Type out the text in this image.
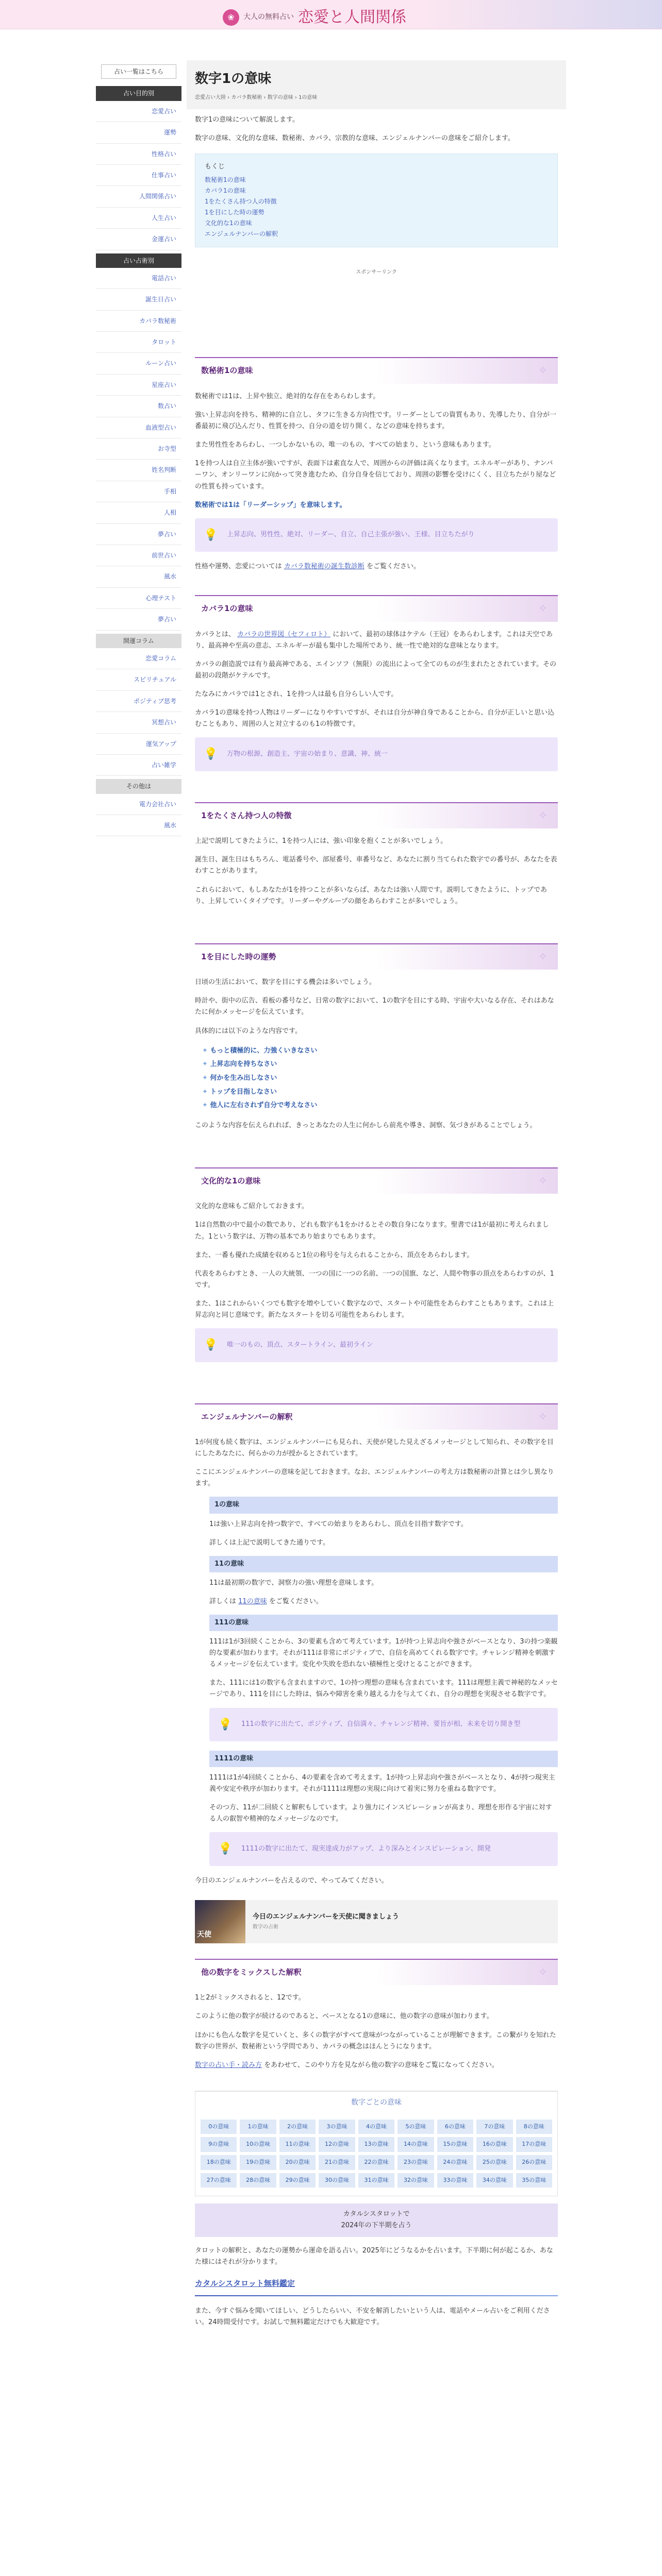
❀	大人の無料占い 恋愛と人間関係
占い一覧はこちら
占い目的別
恋愛占い
運勢
性格占い
仕事占い
人間関係占い
人生占い
金運占い
占い占術別
電話占い
誕生日占い
カバラ数秘術
タロット
ルーン占い
星座占い
数占い
血液型占い
お寺型
姓名判断
手相
人相
夢占い
前世占い
風水
心理テスト
夢占い
開運コラム
恋愛コラム
スピリチュアル
ポジティブ思考
冥想占い
運気アップ
占い雑学
その他は
電力会社占い
風水
数字1の意味
恋愛占い大陸 › カバラ数秘術 › 数字の意味 › 1の意味

数字1の意味について解説します。

数字の意味、文化的な意味、数秘術、カバラ、宗教的な意味、エンジェルナンバーの意味をご紹介します。

もくじ
数秘術1の意味
カバラ1の意味
1をたくさん持つ人の特徴
1を目にした時の運勢
文化的な1の意味
エンジェルナンバーの解釈
スポンサーリンク
数秘術1の意味	✧

数秘術では1は、上昇や独立、絶対的な存在をあらわします。

強い上昇志向を持ち、精神的に自立し、タフに生きる方向性です。リーダーとしての資質もあり、先導したり、自分が一番最初に飛び込んだり、性質を持つ、自分の道を切り開く、などの意味を持ちます。

また男性性をあらわし、一つしかないもの、唯一のもの、すべての始まり、という意味もあります。

1を持つ人は自立主体が強いですが、表面下は素直な人で、周囲からの評価は高くなります。エネルギーがあり、ナンバーワン、オンリーワンに向かって突き進むため、自分自身を信じており、周囲の影響を受けにくく、目立ちたがり屋などの性質も持っています。

数秘術では1は「リーダーシップ」を意味します。

💡 上昇志向、男性性、絶対、リーダー、自立、自己主張が強い、王様、目立ちたがり

性格や運勢、恋愛については カバラ数秘術の誕生数診断 をご覧ください。

カバラ1の意味	✧

カバラとは、 カバラの世界図（セフィロト） において、最初の球体はケテル（王冠）をあらわします。これは天空であり、最高神や至高の意志、エネルギーが最も集中した場所であり、統一性で絶対的な意味となります。

カバラの創造説では有り最高神である、エインソフ（無限）の流出によって全てのものが生まれたとされています。その最初の段階がケテルです。

たなみにカバラでは1とされ、1を持つ人は最も自分らしい人です。

カバラ1の意味を持つ人物はリーダーになりやすいですが、それは自分が神自身であることから、自分が正しいと思い込むこともあり、周囲の人と対立するのも1の特徴です。

💡 万物の根源、創造主、宇宙の始まり、意識、神、統一
1をたくさん持つ人の特徴	✧

上記で説明してきたように、1を持つ人には、強い印象を抱くことが多いでしょう。

誕生日、誕生日はもちろん、電話番号や、部屋番号、車番号など、あなたに割り当てられた数字での番号が、あなたを表わすことがあります。

これらにおいて、もしあなたが1を持つことが多いならば、あなたは強い人間です。説明してきたように、トップであり、上昇していくタイプです。リーダーやグループの顔をあらわすことが多いでしょう。

1を目にした時の運勢	✧

日頃の生活において、数字を目にする機会は多いでしょう。

時計や、街中の広告、看板の番号など、日常の数字において、1の数字を目にする時、宇宙や大いなる存在、それはあなたに何かメッセージを伝えています。

具体的には以下のような内容です。

✦ もっと積極的に、力強くいきなさい
✦ 上昇志向を持ちなさい
✦ 何かを生み出しなさい
✦ トップを目指しなさい
✦ 他人に左右されず自分で考えなさい

このような内容を伝えられれば、きっとあなたの人生に何かしら前兆や導き、洞察、気づきがあることでしょう。

文化的な1の意味	✧

文化的な意味もご紹介しておきます。

1は自然数の中で最小の数であり、どれも数字も1をかけるとその数自身になります。聖書では1が最初に考えられました。1という数字は、万物の基本であり始まりでもあります。

また、一番も優れた成績を収めると1位の称号を与えられることから、頂点をあらわします。

代表をあらわすとき、一人の大統領、一つの国に一つの名前、一つの国旗、など、人間や物事の頂点をあらわすのが、1です。

また、1はこれからいくつでも数字を増やしていく数字なので、スタートや可能性をあらわすこともあります。これは上昇志向と同じ意味です。新たなスタートを切る可能性をあらわします。

💡 唯一のもの、頂点、スタートライン、最初ライン
エンジェルナンバーの解釈	✧

1が何度も続く数字は、エンジェルナンバーにも見られ、天使が発した見えざるメッセージとして知られ、その数字を目にしたあなたに、何らかの力が授かるとされています。

ここにエンジェルナンバーの意味を記しておきます。なお、エンジェルナンバーの考え方は数秘術の計算とは少し異なります。

1の意味

1は強い上昇志向を持つ数字で、すべての始まりをあらわし、頂点を目指す数字です。

詳しくは上記で説明してきた通りです。

11の意味

11は最初期の数字で、洞察力の強い理想を意味します。

詳しくは 11の意味 をご覧ください。

111の意味

111は1が3回続くことから、3の要素も含めて考えています。1が持つ上昇志向や強さがベースとなり、3の持つ楽観的な要素が加わります。それが111は非常にポジティブで、自信を高めてくれる数字です。チャレンジ精神を刺激するメッセージを伝えています。変化や失敗を恐れない積極性と受けとることができます。

また、111には1の数字も含まれますので、1の持つ理想の意味も含まれています。111は理想主義で神秘的なメッセージであり、111を目にした時は、悩みや障害を乗り越える力を与えてくれ、自分の理想を実現させる数字です。

💡 111の数字に出たて、ポジティブ、自信満々、チャレンジ精神、要旨が相、未来を切り開き型
1111の意味

1111は1が4回続くことから、4の要素を含めて考えます。1が持つ上昇志向や強さがベースとなり、4が持つ現実主義や安定や秩序が加わります。それが1111は理想の実現に向けて着実に努力を重ねる数字です。

そのつ方、11が二回続くと解釈もしています。より強力にインスピレーションが高まり、理想を形作る宇宙に対する人の叡智や精神的なメッセージなのです。

💡 1111の数字に出たて、現実達成力がアップ、より深みとインスピレーション、開発

今日のエンジェルナンバーを占えるので、やってみてください。

天使
今日のエンジェルナンバーを天使に聞きましょう
数字の占術
他の数字をミックスした解釈	✧

1と2がミックスされると、12です。

このように他の数字が続けるのであると、ベースとなる1の意味に、他の数字の意味が加わります。

ほかにも色んな数字を見ていくと、多くの数字がすべて意味がつながっていることが理解できます。この繋がりを知れた数字の世界が、数秘術という学問であり、カバラの概念はほんとうになります。

数字の占い手・読み方 をあわせて、このやり方を見ながら他の数字の意味をご覧になってください。

数字ごとの意味
0の意味	1の意味	2の意味	3の意味	4の意味	5の意味	6の意味	7の意味	8の意味
9の意味	10の意味	11の意味	12の意味	13の意味	14の意味	15の意味	16の意味	17の意味
18の意味	19の意味	20の意味	21の意味	22の意味	23の意味	24の意味	25の意味	26の意味
27の意味	28の意味	29の意味	30の意味	31の意味	32の意味	33の意味	34の意味	35の意味
カタルシスタロットで
2024年の下半期を占う

タロットの解釈と、あなたの運勢から運命を語る占い。2025年にどうなるかを占います。下半期に何が起こるか、あなた様にはそれが分かります。

カタルシスタロット無料鑑定

また、今すぐ悩みを聞いてほしい、どうしたらいい、不安を解消したいという人は、電話やメール占いをご利用ください。24時間受付です。お試しで無料鑑定だけでも大歓迎です。
